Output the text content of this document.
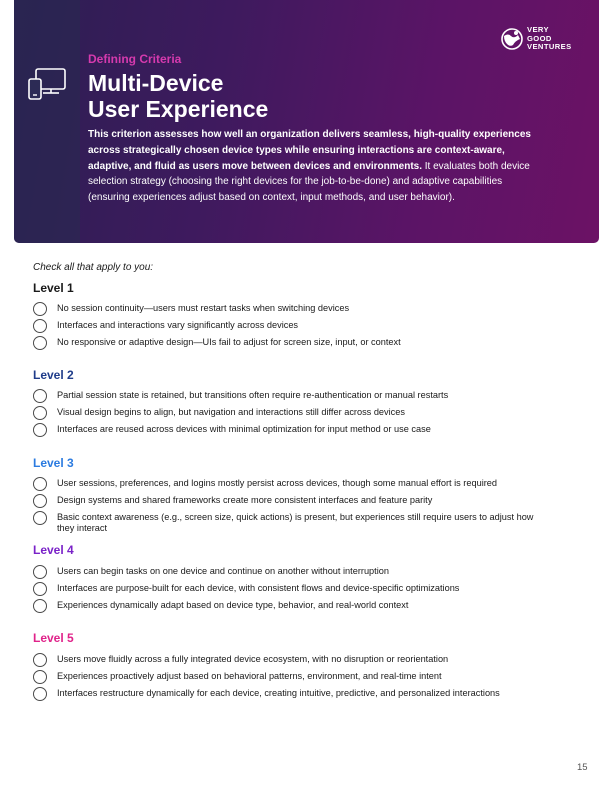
VERY
GOOD
VENTURES
Defining Criteria
Multi-Device
User Experience
This criterion assesses how well an organization delivers seamless, high-quality experiences across strategically chosen device types while ensuring interactions are context-aware, adaptive, and fluid as users move between devices and environments. It evaluates both device selection strategy (choosing the right devices for the job-to-be-done) and adaptive capabilities (ensuring experiences adjust based on context, input methods, and user behavior).
Check all that apply to you:
Level 1
No session continuity—users must restart tasks when switching devices
Interfaces and interactions vary significantly across devices
No responsive or adaptive design—UIs fail to adjust for screen size, input, or context
Level 2
Partial session state is retained, but transitions often require re-authentication or manual restarts
Visual design begins to align, but navigation and interactions still differ across devices
Interfaces are reused across devices with minimal optimization for input method or use case
Level 3
User sessions, preferences, and logins mostly persist across devices, though some manual effort is required
Design systems and shared frameworks create more consistent interfaces and feature parity
Basic context awareness (e.g., screen size, quick actions) is present, but experiences still require users to adjust how they interact
Level 4
Users can begin tasks on one device and continue on another without interruption
Interfaces are purpose-built for each device, with consistent flows and device-specific optimizations
Experiences dynamically adapt based on device type, behavior, and real-world context
Level 5
Users move fluidly across a fully integrated device ecosystem, with no disruption or reorientation
Experiences proactively adjust based on behavioral patterns, environment, and real-time intent
Interfaces restructure dynamically for each device, creating intuitive, predictive, and personalized interactions
15
